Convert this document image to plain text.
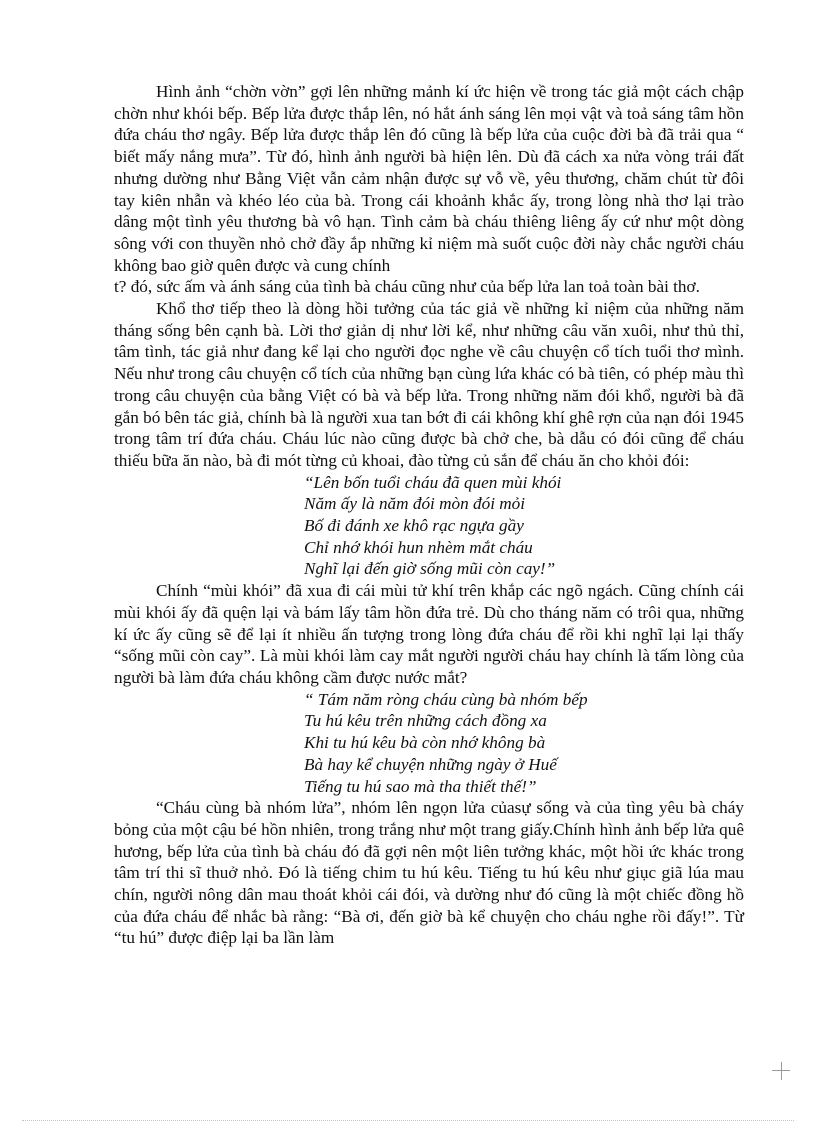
Hình ảnh “chờn vờn” gợi lên những mảnh kí ức hiện về trong tác giả một cách chập chờn như khói bếp. Bếp lửa được thắp lên, nó hắt ánh sáng lên mọi vật và toả sáng tâm hồn đứa cháu thơ ngây. Bếp lửa được thắp lên đó cũng là bếp lửa của cuộc đời bà đã trải qua “ biết mấy nắng mưa”. Từ đó, hình ảnh người bà hiện lên. Dù đã cách xa nửa vòng trái đất nhưng dường như Bằng Việt vẫn cảm nhận được sự vỗ về, yêu thương, chăm chút từ đôi tay kiên nhẫn và khéo léo của bà. Trong cái khoảnh khắc ấy, trong lòng nhà thơ lại trào dâng một tình yêu thương bà vô hạn. Tình cảm bà cháu thiêng liêng ấy cứ như một dòng sông với con thuyền nhỏ chở đầy ắp những kỉ niệm mà suốt cuộc đời này chắc người cháu không bao giờ quên được và cung chính

t? đó, sức ấm và ánh sáng của tình bà cháu cũng như của bếp lửa lan toả toàn bài thơ.

Khổ thơ tiếp theo là dòng hồi tưởng của tác giả về những kỉ niệm của những năm tháng sống bên cạnh bà. Lời thơ giản dị như lời kể, như những câu văn xuôi, như thủ thỉ, tâm tình, tác giả như đang kể lại cho người đọc nghe về câu chuyện cổ tích tuổi thơ mình. Nếu như trong câu chuyện cổ tích của những bạn cùng lứa khác có bà tiên, có phép màu thì trong câu chuyện của bằng Việt có bà và bếp lửa. Trong những năm đói khổ, người bà đã gắn bó bên tác giả, chính bà là người xua tan bớt đi cái không khí ghê rợn của nạn đói 1945 trong tâm trí đứa cháu. Cháu lúc nào cũng được bà chở che, bà dẫu có đói cũng để cháu thiếu bữa ăn nào, bà đi mót từng củ khoai, đào từng củ sắn để cháu ăn cho khỏi đói:

“Lên bốn tuổi cháu đã quen mùi khói

Năm ấy là năm đói mòn đói mỏi

Bố đi đánh xe khô rạc ngựa gầy

Chỉ nhớ khói hun nhèm mắt cháu

Nghĩ lại đến giờ sống mũi còn cay!”

Chính “mùi khói” đã xua đi cái mùi tử khí trên khắp các ngõ ngách. Cũng chính cái mùi khói ấy đã quện lại và bám lấy tâm hồn đứa trẻ. Dù cho tháng năm có trôi qua, những kí ức ấy cũng sẽ để lại ít nhiều ấn tượng trong lòng đứa cháu để rồi khi nghĩ lại lại thấy “sống mũi còn cay”. Là mùi khói làm cay mắt người người cháu hay chính là tấm lòng của người bà làm đứa cháu không cầm được nước mắt?

“ Tám năm ròng cháu cùng bà nhóm bếp

Tu hú kêu trên những cách đồng xa

Khi tu hú kêu bà còn nhớ không bà

Bà hay kể chuyện những ngày ở Huế

Tiếng tu hú sao mà tha thiết thế!”

“Cháu cùng bà nhóm lửa”, nhóm lên ngọn lửa củasự sống và của tìng yêu bà cháy bỏng của một cậu bé hồn nhiên, trong trắng như một trang giấy.Chính hình ảnh bếp lửa quê hương, bếp lửa của tình bà cháu đó đã gợi nên một liên tưởng khác, một hồi ức khác trong tâm trí thi sĩ thuở nhỏ. Đó là tiếng chim tu hú kêu. Tiếng tu hú kêu như giục giã lúa mau chín, người nông dân mau thoát khỏi cái đói, và dường như đó cũng là một chiếc đồng hồ của đứa cháu để nhắc bà rằng: “Bà ơi, đến giờ bà kể chuyện cho cháu nghe rồi đấy!”. Từ “tu hú” được điệp lại ba lần làm
